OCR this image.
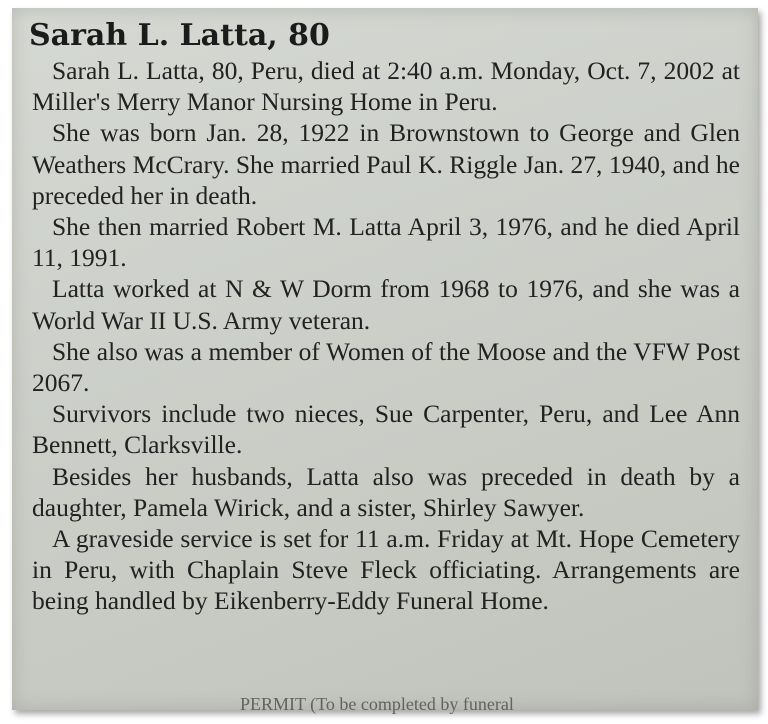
Sarah L. Latta, 80

Sarah L. Latta, 80, Peru, died at 2:40 a.m. Monday, Oct. 7, 2002 at Miller's Merry Manor Nursing Home in Peru.

She was born Jan. 28, 1922 in Brownstown to George and Glen Weathers McCrary. She married Paul K. Riggle Jan. 27, 1940, and he preceded her in death.

She then married Robert M. Latta April 3, 1976, and he died April 11, 1991.

Latta worked at N & W Dorm from 1968 to 1976, and she was a World War II U.S. Army veteran.

She also was a member of Women of the Moose and the VFW Post 2067.

Survivors include two nieces, Sue Carpenter, Peru, and Lee Ann Bennett, Clarksville.

Besides her husbands, Latta also was preceded in death by a daughter, Pamela Wirick, and a sister, Shirley Sawyer.

A graveside service is set for 11 a.m. Friday at Mt. Hope Cemetery in Peru, with Chaplain Steve Fleck officiating. Arrangements are being handled by Eikenberry-Eddy Funeral Home.

PERMIT (To be completed by funeral
